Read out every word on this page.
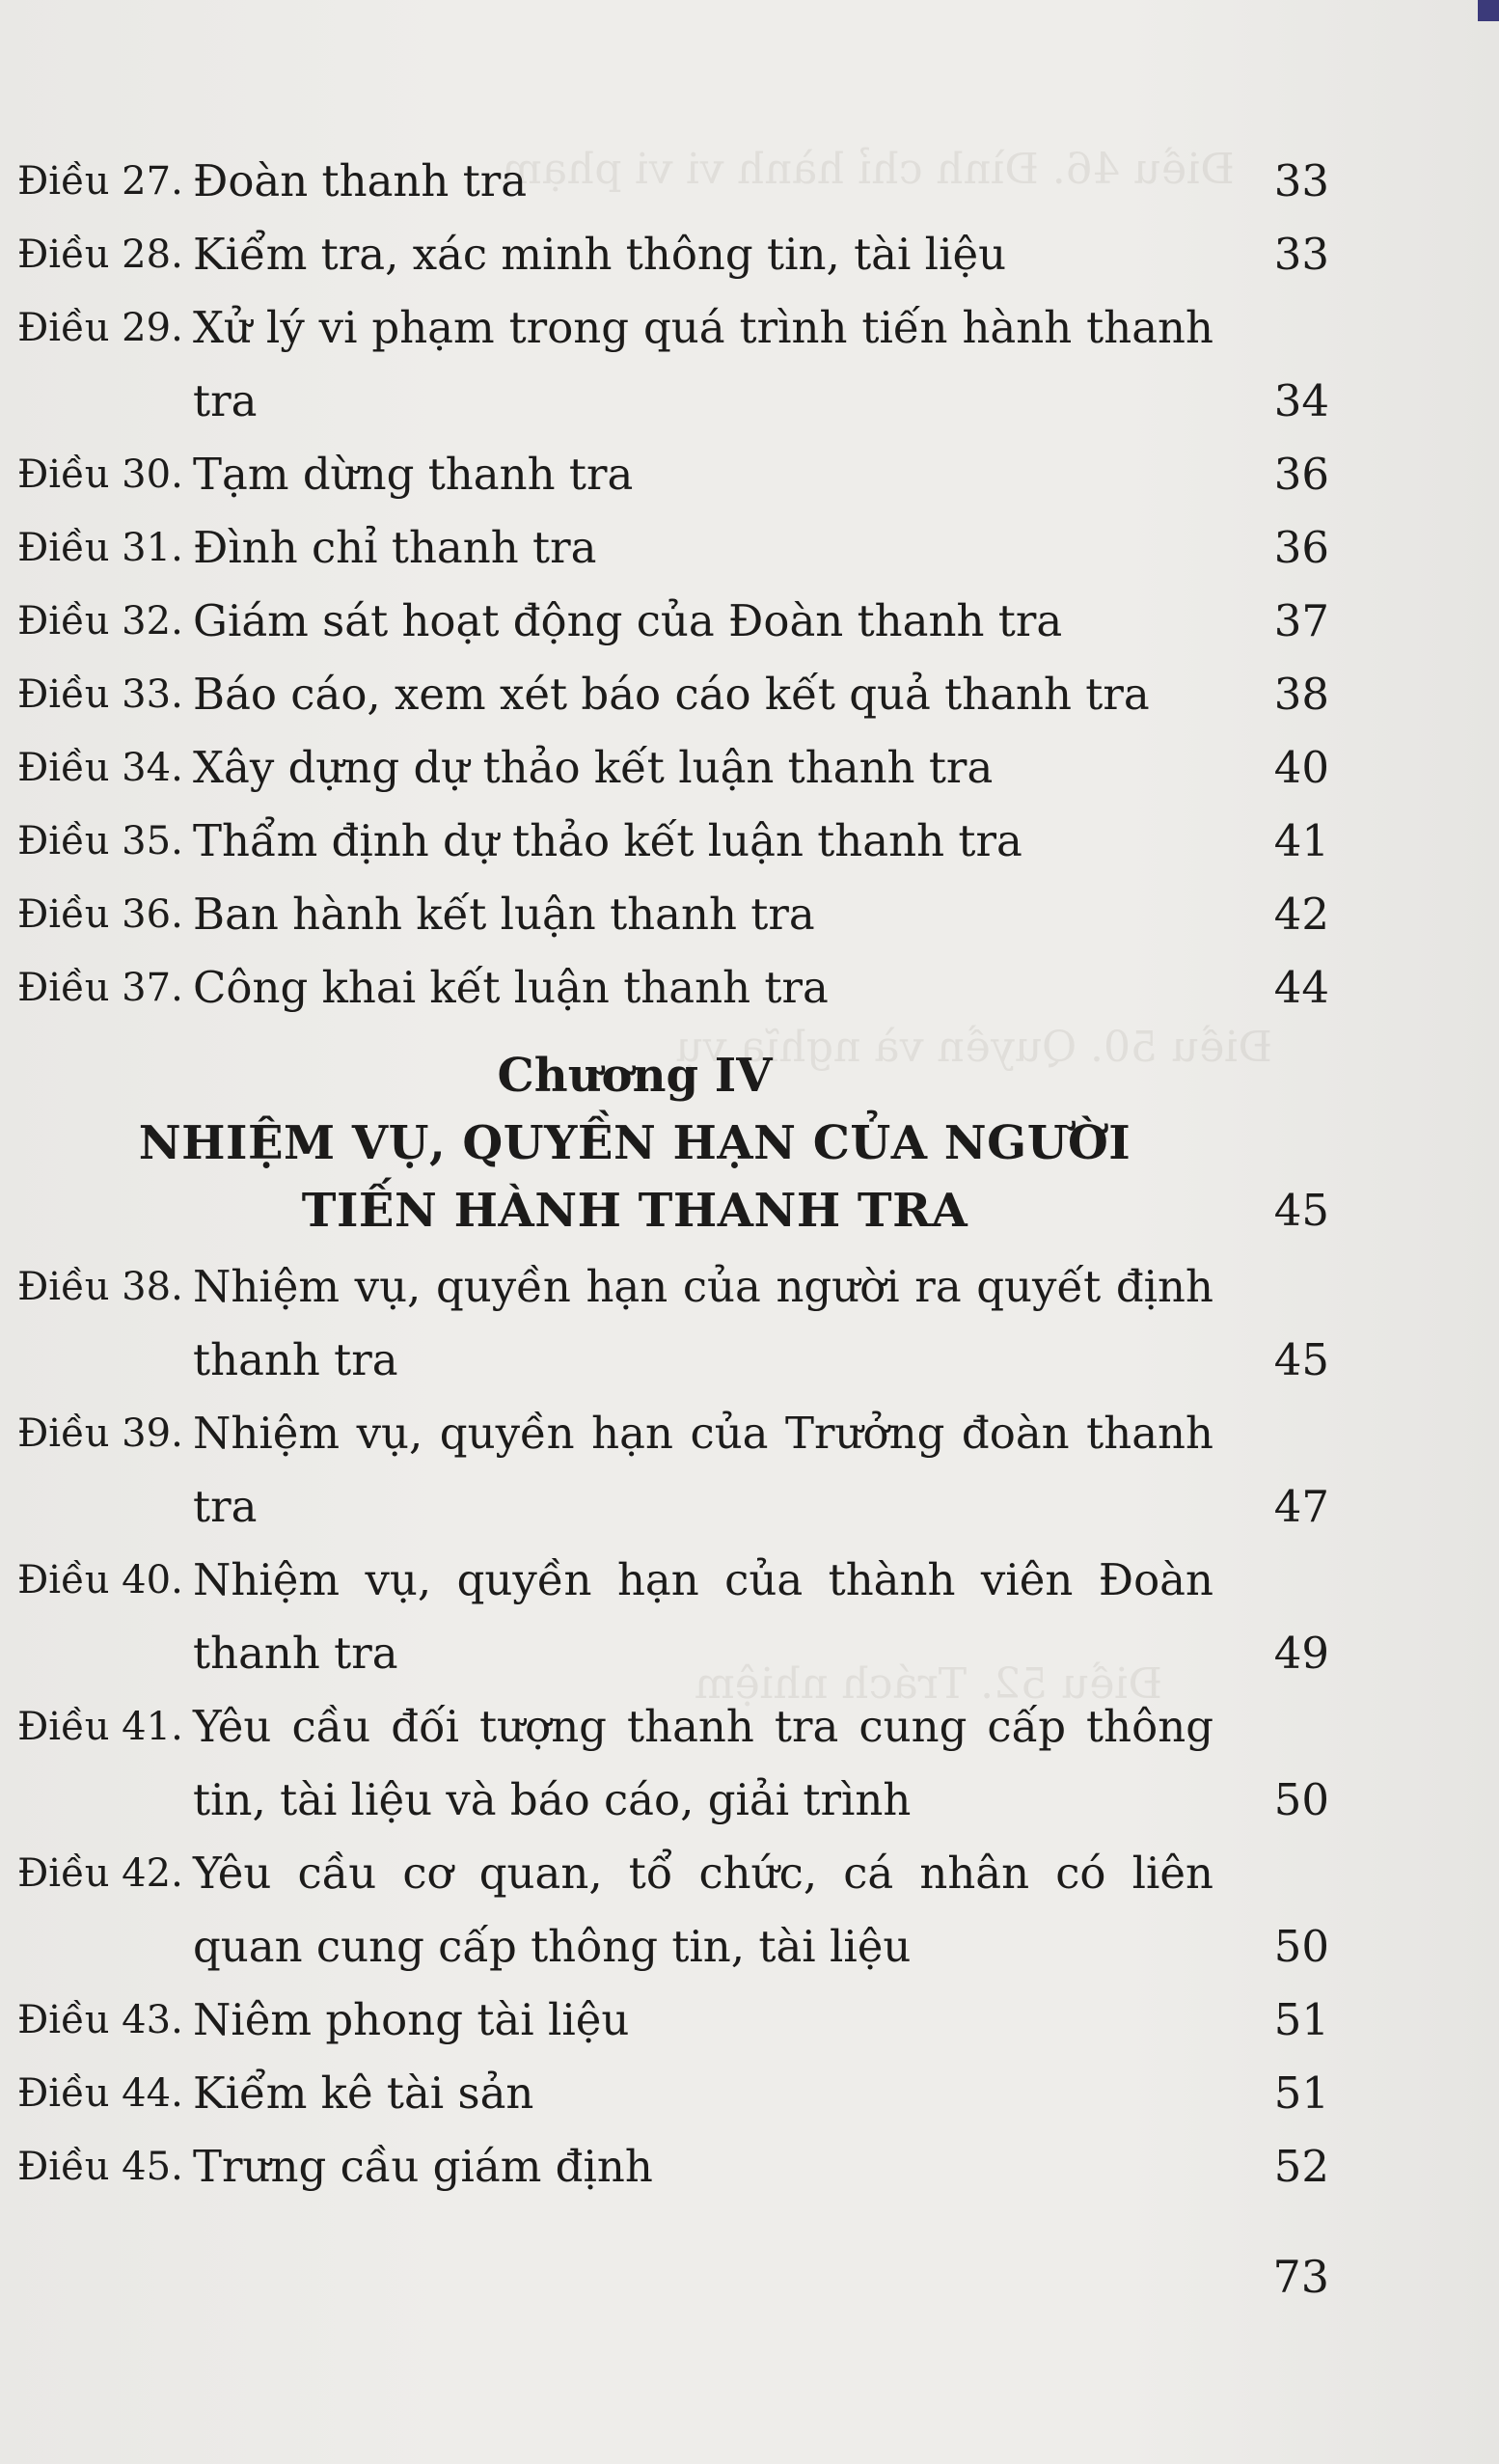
Điều 46. Đình chỉ hành vi vi phạm
Điều 50. Quyền và nghĩa vụ
Điều 52. Trách nhiệm
Điều 27. Đoàn thanh tra	33
Điều 28. Kiểm tra, xác minh thông tin, tài liệu	33
Điều 29. Xử lý vi phạm trong quá trình tiến hành thanh tra	34
Điều 30. Tạm dừng thanh tra	36
Điều 31. Đình chỉ thanh tra	36
Điều 32. Giám sát hoạt động của Đoàn thanh tra	37
Điều 33. Báo cáo, xem xét báo cáo kết quả thanh tra	38
Điều 34. Xây dựng dự thảo kết luận thanh tra	40
Điều 35. Thẩm định dự thảo kết luận thanh tra	41
Điều 36. Ban hành kết luận thanh tra	42
Điều 37. Công khai kết luận thanh tra	44
Chương IV
NHIỆM VỤ, QUYỀN HẠN CỦA NGƯỜI
TIẾN HÀNH THANH TRA	45
Điều 38. Nhiệm vụ, quyền hạn của người ra quyết định thanh tra	45
Điều 39. Nhiệm vụ, quyền hạn của Trưởng đoàn thanh tra	47
Điều 40. Nhiệm vụ, quyền hạn của thành viên Đoàn thanh tra	49
Điều 41. Yêu cầu đối tượng thanh tra cung cấp thông tin, tài liệu và báo cáo, giải trình	50
Điều 42. Yêu cầu cơ quan, tổ chức, cá nhân có liên quan cung cấp thông tin, tài liệu	50
Điều 43. Niêm phong tài liệu	51
Điều 44. Kiểm kê tài sản	51
Điều 45. Trưng cầu giám định	52
73
